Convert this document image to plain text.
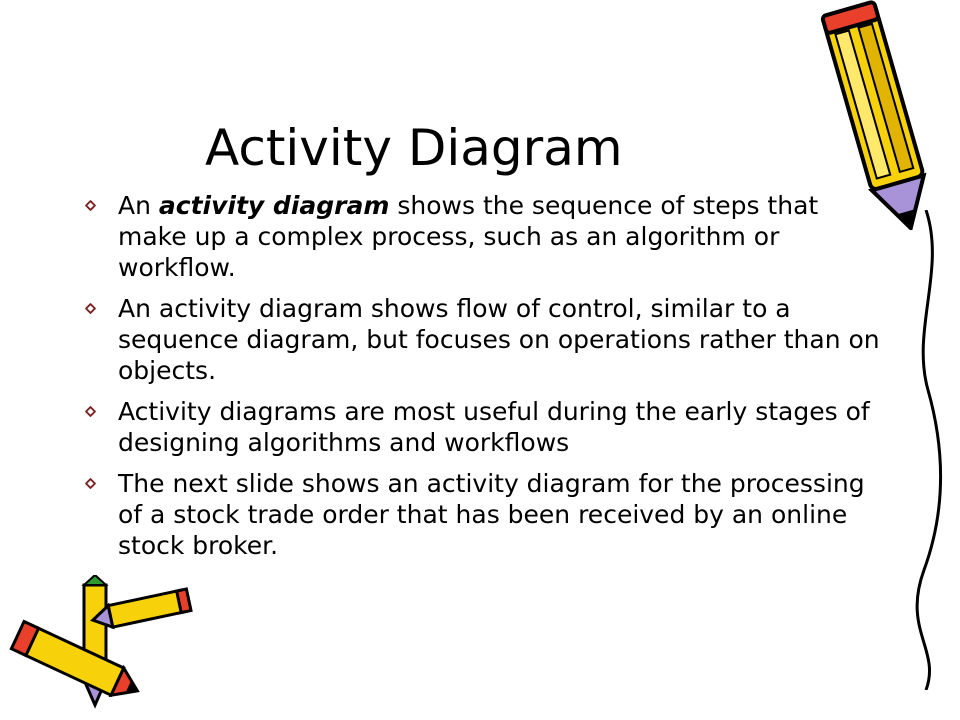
Activity Diagram
An activity diagram shows the sequence of steps that make up a complex process, such as an algorithm or workflow.
An activity diagram shows flow of control, similar to a sequence diagram, but focuses on operations rather than on objects.
Activity diagrams are most useful during the early stages of designing algorithms and workflows
The next slide shows an activity diagram for the processing of a stock trade order that has been received by an online stock broker.
